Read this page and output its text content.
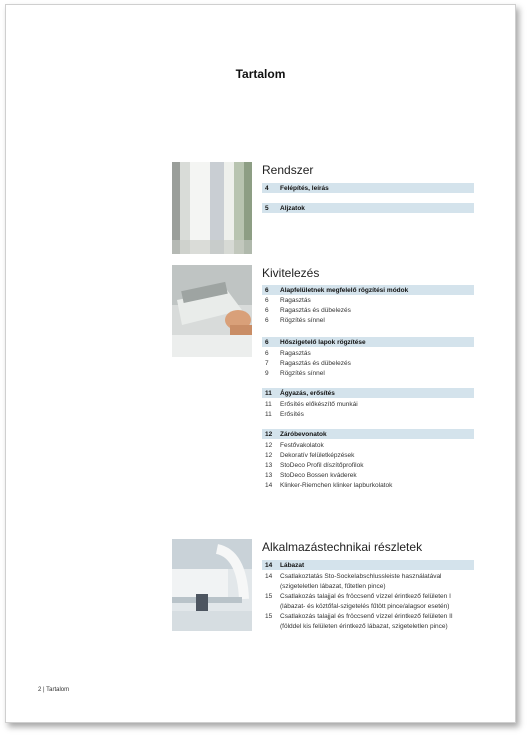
Tartalom
Rendszer
4	Felépítés, leírás
5	Aljzatok
Kivitelezés
6	Alapfelületnek megfelelő rögzítési módok
6	Ragasztás
6	Ragasztás és dübelezés
6	Rögzítés sínnel
6	Hőszigetelő lapok rögzítése
6	Ragasztás
7	Ragasztás és dübelezés
9	Rögzítés sínnel
11	Ágyazás, erősítés
11	Erősítés előkészítő munkái
11	Erősítés
12	Záróbevonatok
12	Festővakolatok
12	Dekoratív felületképzések
13	StoDeco Profil díszítőprofilok
13	StoDeco Bossen kváderek
14	Klinker-Riemchen klinker lapburkolatok
Alkalmazástechnikai részletek
14	Lábazat
14	Csatlakoztatás Sto-Sockelabschlussleiste használatával
(szigeteletlen lábazat, fűtetlen pince)
15	Csatlakozás talajjal és fröccsenő vízzel érintkező felületen I
(lábazat- és köztőfal-szigetelés fűtött pince/alagsor esetén)
15	Csatlakozás talajjal és fröccsenő vízzel érintkező felületen II
(földdel kis felületen érintkező lábazat, szigeteletlen pince)
2 | Tartalom
